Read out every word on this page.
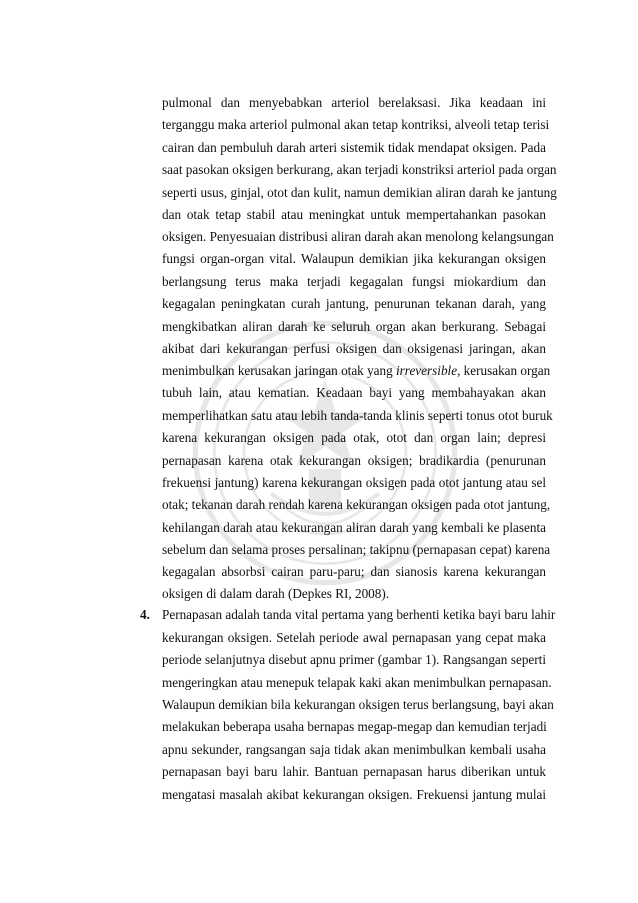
pulmonal dan menyebabkan arteriol berelaksasi. Jika keadaan ini
terganggu maka arteriol pulmonal akan tetap kontriksi, alveoli tetap terisi
cairan dan pembuluh darah arteri sistemik tidak mendapat oksigen. Pada
saat pasokan oksigen berkurang, akan terjadi konstriksi arteriol pada organ
seperti usus, ginjal, otot dan kulit, namun demikian aliran darah ke jantung
dan otak tetap stabil atau meningkat untuk mempertahankan pasokan
oksigen. Penyesuaian distribusi aliran darah akan menolong kelangsungan
fungsi organ-organ vital. Walaupun demikian jika kekurangan oksigen
berlangsung terus maka terjadi kegagalan fungsi miokardium dan
kegagalan peningkatan curah jantung, penurunan tekanan darah, yang
mengkibatkan aliran darah ke seluruh organ akan berkurang. Sebagai
akibat dari kekurangan perfusi oksigen dan oksigenasi jaringan, akan
menimbulkan kerusakan jaringan otak yang irreversible, kerusakan organ
tubuh lain, atau kematian. Keadaan bayi yang membahayakan akan
memperlihatkan satu atau lebih tanda-tanda klinis seperti tonus otot buruk
karena kekurangan oksigen pada otak, otot dan organ lain; depresi
pernapasan karena otak kekurangan oksigen; bradikardia (penurunan
frekuensi jantung) karena kekurangan oksigen pada otot jantung atau sel
otak; tekanan darah rendah karena kekurangan oksigen pada otot jantung,
kehilangan darah atau kekurangan aliran darah yang kembali ke plasenta
sebelum dan selama proses persalinan; takipnu (pernapasan cepat) karena
kegagalan absorbsi cairan paru-paru; dan sianosis karena kekurangan
oksigen di dalam darah (Depkes RI, 2008).
4. Pernapasan adalah tanda vital pertama yang berhenti ketika bayi baru lahir
kekurangan oksigen. Setelah periode awal pernapasan yang cepat maka
periode selanjutnya disebut apnu primer (gambar 1). Rangsangan seperti
mengeringkan atau menepuk telapak kaki akan menimbulkan pernapasan.
Walaupun demikian bila kekurangan oksigen terus berlangsung, bayi akan
melakukan beberapa usaha bernapas megap-megap dan kemudian terjadi
apnu sekunder, rangsangan saja tidak akan menimbulkan kembali usaha
pernapasan bayi baru lahir. Bantuan pernapasan harus diberikan untuk
mengatasi masalah akibat kekurangan oksigen. Frekuensi jantung mulai
